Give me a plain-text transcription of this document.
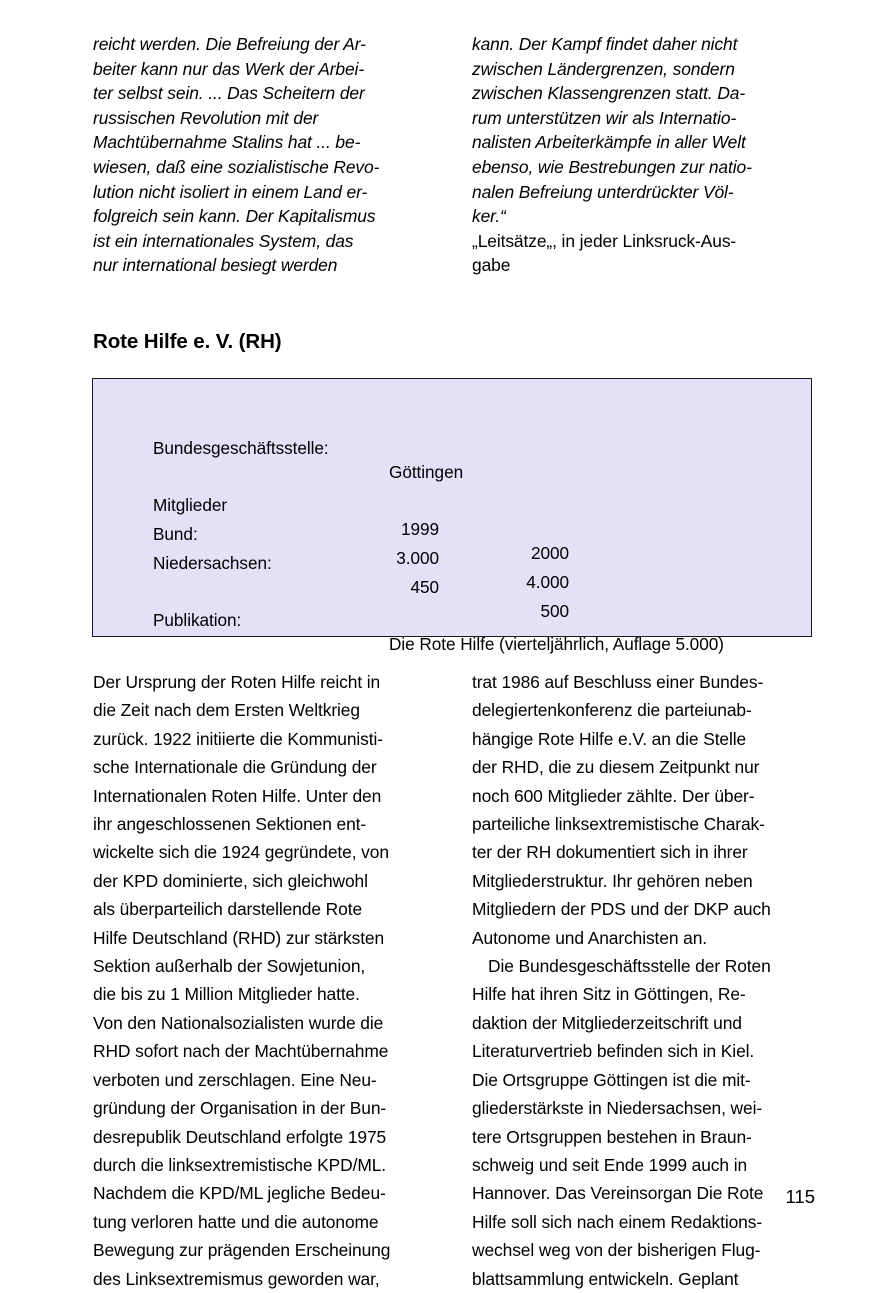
reicht werden. Die Befreiung der Ar-
beiter kann nur das Werk der Arbei-
ter selbst sein. ... Das Scheitern der
russischen Revolution mit der
Machtübernahme Stalins hat ... be-
wiesen, daß eine sozialistische Revo-
lution nicht isoliert in einem Land er-
folgreich sein kann. Der Kapitalismus
ist ein internationales System, das
nur international besiegt werden
kann. Der Kampf findet daher nicht
zwischen Ländergrenzen, sondern
zwischen Klassengrenzen statt. Da-
rum unterstützen wir als Internatio-
nalisten Arbeiterkämpfe in aller Welt
ebenso, wie Bestrebungen zur natio-
nalen Befreiung unterdrückter Völ-
ker.“
„Leitsätze„, in jeder Linksruck-Aus-
gabe
Rote Hilfe e. V. (RH)

Bundesgeschäftsstelle:

Göttingen

Mitglieder

1999

2000

Bund:

3.000

4.000

Niedersachsen:

450

500

Publikation:

Die Rote Hilfe (vierteljährlich, Auflage 5.000)

Der Ursprung der Roten Hilfe reicht in
die Zeit nach dem Ersten Weltkrieg
zurück. 1922 initiierte die Kommunisti-
sche Internationale die Gründung der
Internationalen Roten Hilfe. Unter den
ihr angeschlossenen Sektionen ent-
wickelte sich die 1924 gegründete, von
der KPD dominierte, sich gleichwohl
als überparteilich darstellende Rote
Hilfe Deutschland (RHD) zur stärksten
Sektion außerhalb der Sowjetunion,
die bis zu 1 Million Mitglieder hatte.
Von den Nationalsozialisten wurde die
RHD sofort nach der Machtübernahme
verboten und zerschlagen. Eine Neu-
gründung der Organisation in der Bun-
desrepublik Deutschland erfolgte 1975
durch die linksextremistische KPD/ML.
Nachdem die KPD/ML jegliche Bedeu-
tung verloren hatte und die autonome
Bewegung zur prägenden Erscheinung
des Linksextremismus geworden war,
trat 1986 auf Beschluss einer Bundes-
delegiertenkonferenz die parteiunab-
hängige Rote Hilfe e.V. an die Stelle
der RHD, die zu diesem Zeitpunkt nur
noch 600 Mitglieder zählte. Der über-
parteiliche linksextremistische Charak-
ter der RH dokumentiert sich in ihrer
Mitgliederstruktur. Ihr gehören neben
Mitgliedern der PDS und der DKP auch
Autonome und Anarchisten an.
Die Bundesgeschäftsstelle der Roten
Hilfe hat ihren Sitz in Göttingen, Re-
daktion der Mitgliederzeitschrift und
Literaturvertrieb befinden sich in Kiel.
Die Ortsgruppe Göttingen ist die mit-
gliederstärkste in Niedersachsen, wei-
tere Ortsgruppen bestehen in Braun-
schweig und seit Ende 1999 auch in
Hannover. Das Vereinsorgan Die Rote
Hilfe soll sich nach einem Redaktions-
wechsel weg von der bisherigen Flug-
blattsammlung entwickeln. Geplant
115
